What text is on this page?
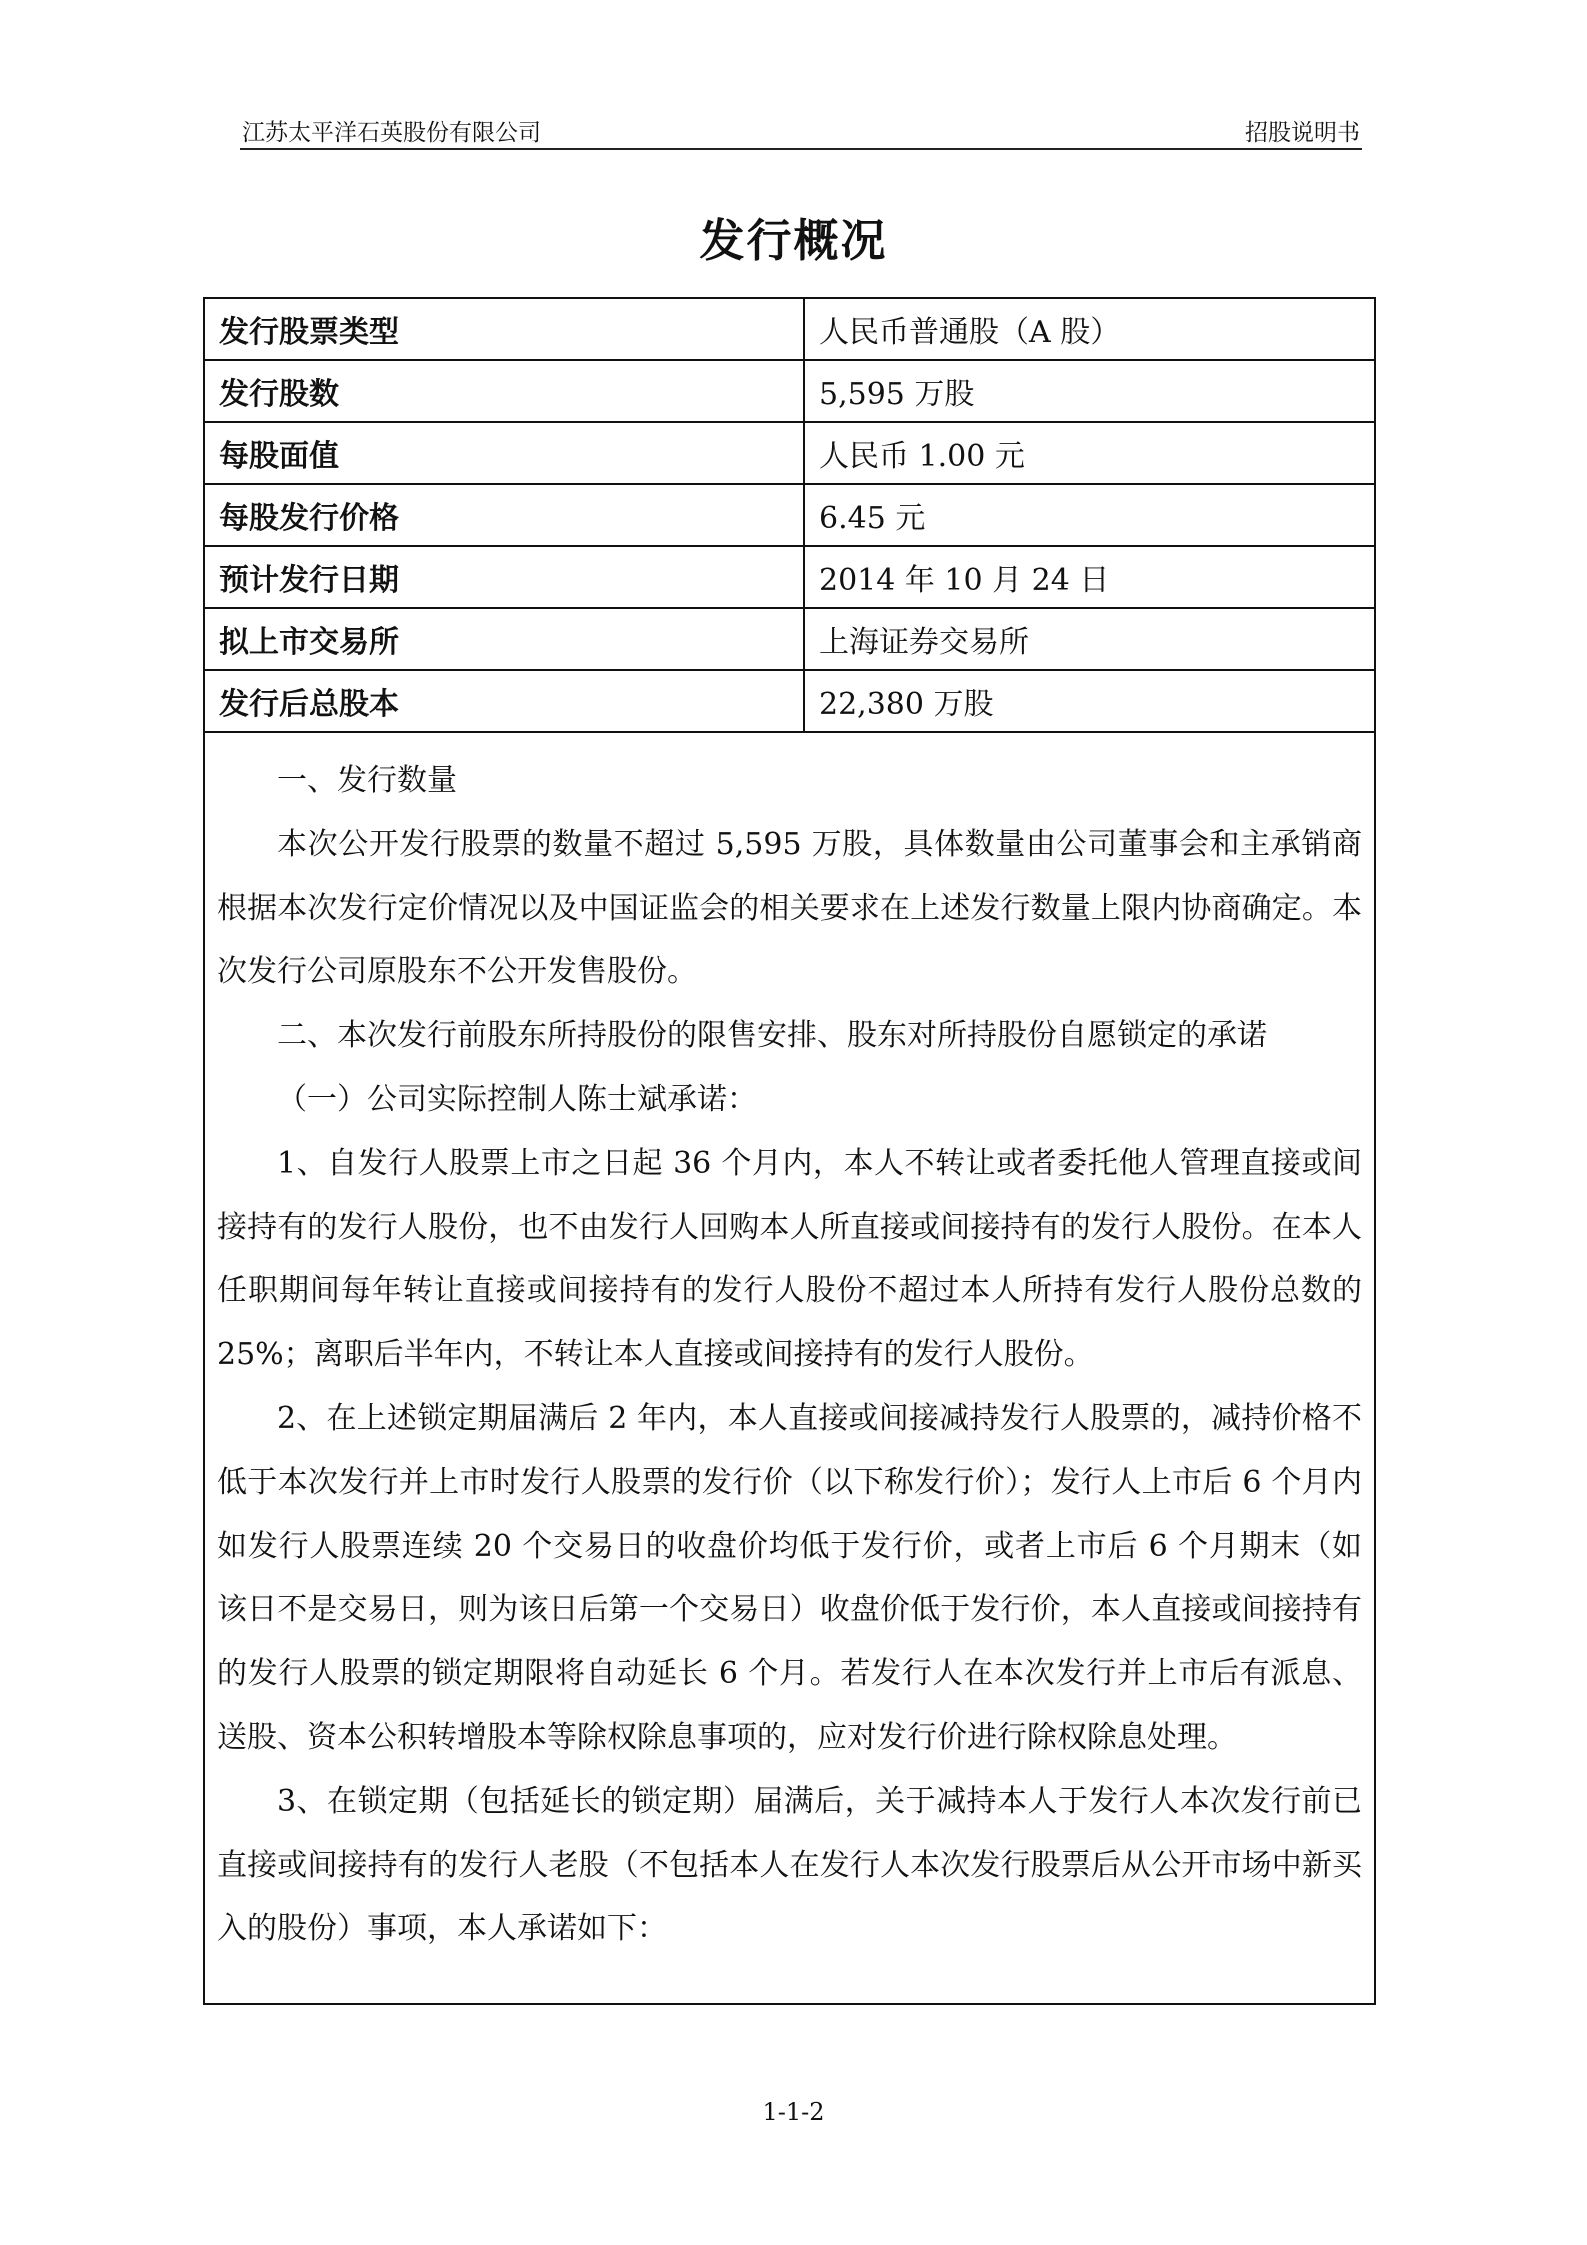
江苏太平洋石英股份有限公司	招股说明书
发行概况
发行股票类型	人民币普通股（A 股）
发行股数	5,595 万股
每股面值	人民币 1.00 元
每股发行价格	6.45 元
预计发行日期	2014 年 10 月 24 日
拟上市交易所	上海证券交易所
发行后总股本	22,380 万股

一、发行数量

本次公开发行股票的数量不超过 5,595 万股，具体数量由公司董事会和主承销商根据本次发行定价情况以及中国证监会的相关要求在上述发行数量上限内协商确定。本次发行公司原股东不公开发售股份。

二、本次发行前股东所持股份的限售安排、股东对所持股份自愿锁定的承诺

（一）公司实际控制人陈士斌承诺：

1、自发行人股票上市之日起 36 个月内，本人不转让或者委托他人管理直接或间接持有的发行人股份，也不由发行人回购本人所直接或间接持有的发行人股份。在本人任职期间每年转让直接或间接持有的发行人股份不超过本人所持有发行人股份总数的 25%；离职后半年内，不转让本人直接或间接持有的发行人股份。

2、在上述锁定期届满后 2 年内，本人直接或间接减持发行人股票的，减持价格不低于本次发行并上市时发行人股票的发行价（以下称发行价）；发行人上市后 6 个月内如发行人股票连续 20 个交易日的收盘价均低于发行价，或者上市后 6 个月期末（如该日不是交易日，则为该日后第一个交易日）收盘价低于发行价，本人直接或间接持有的发行人股票的锁定期限将自动延长 6 个月。若发行人在本次发行并上市后有派息、送股、资本公积转增股本等除权除息事项的，应对发行价进行除权除息处理。

3、在锁定期（包括延长的锁定期）届满后，关于减持本人于发行人本次发行前已直接或间接持有的发行人老股（不包括本人在发行人本次发行股票后从公开市场中新买入的股份）事项，本人承诺如下：

1-1-2
